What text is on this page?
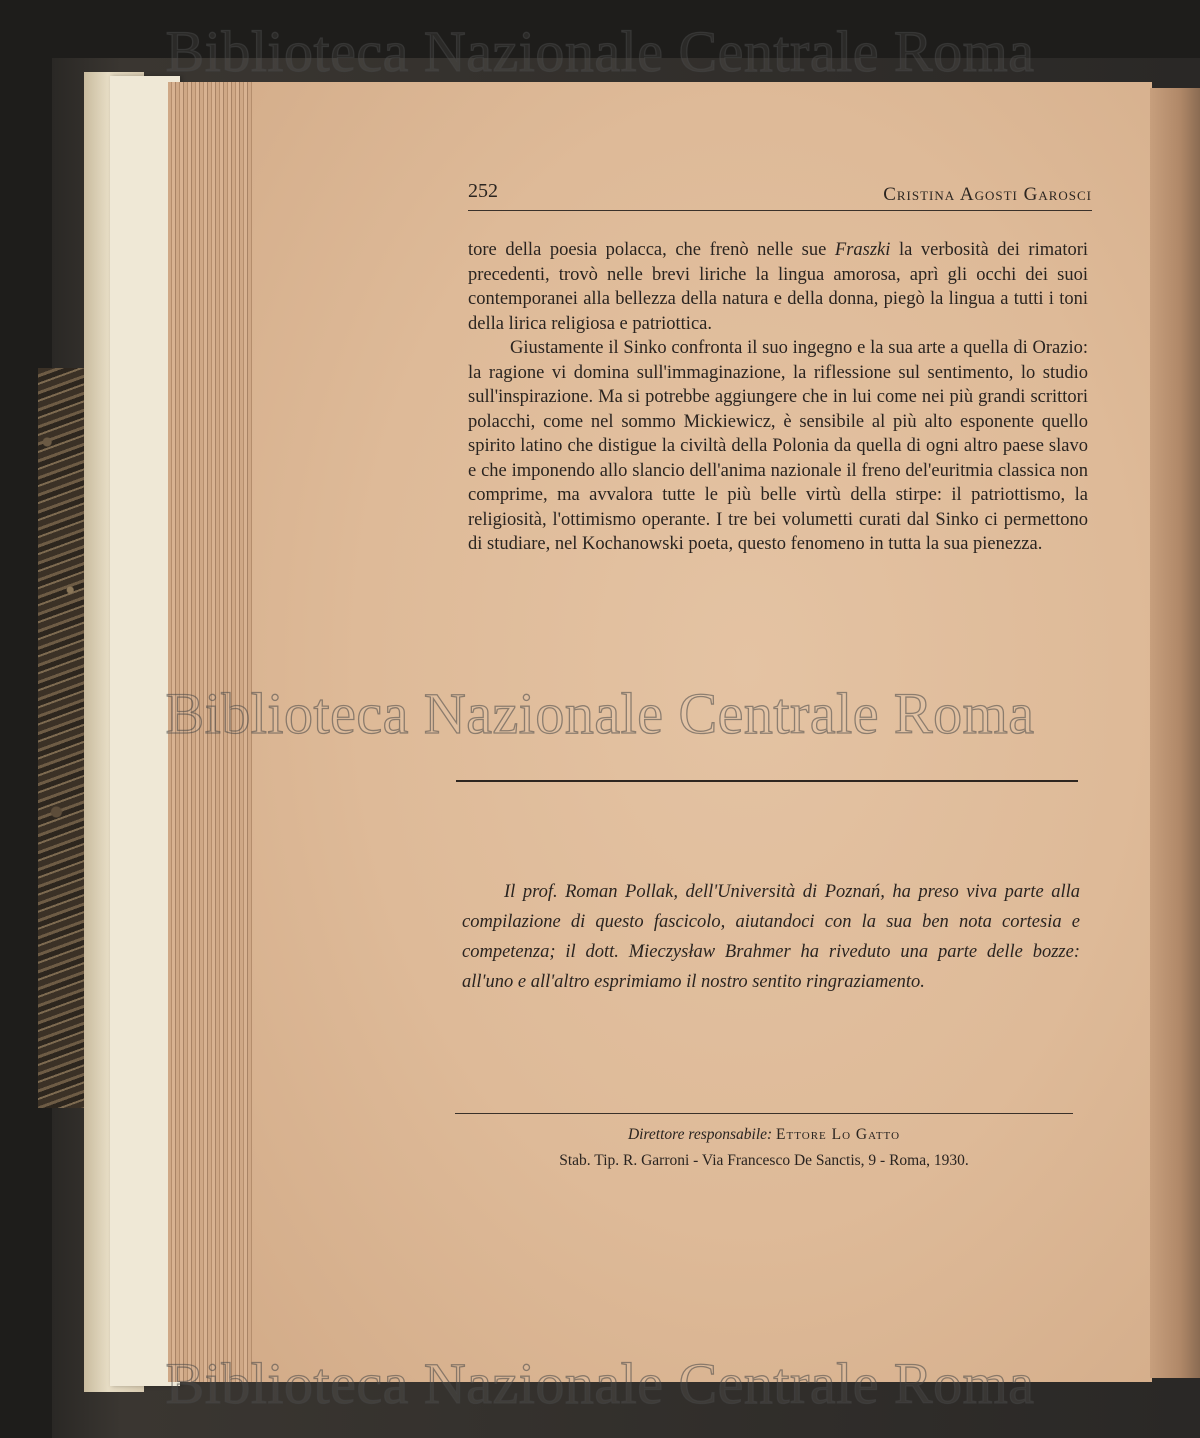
252	Cristina Agosti Garosci

tore della poesia polacca, che frenò nelle sue Fraszki la verbosità dei rimatori precedenti, trovò nelle brevi liriche la lingua amorosa, aprì gli occhi dei suoi contemporanei alla bellezza della natura e della donna, piegò la lingua a tutti i toni della lirica religiosa e patriottica.

Giustamente il Sinko confronta il suo ingegno e la sua arte a quella di Orazio: la ragione vi domina sull'immaginazione, la riflessione sul sentimento, lo studio sull'inspirazione. Ma si potrebbe aggiungere che in lui come nei più grandi scrittori polacchi, come nel sommo Mickiewicz, è sensibile al più alto esponente quello spirito latino che distigue la civiltà della Polonia da quella di ogni altro paese slavo e che imponendo allo slancio dell'anima nazionale il freno del'euritmia classica non comprime, ma avvalora tutte le più belle virtù della stirpe: il patriottismo, la religiosità, l'ottimismo operante. I tre bei volumetti curati dal Sinko ci permettono di studiare, nel Kochanowski poeta, questo fenomeno in tutta la sua pienezza.

Il prof. Roman Pollak, dell'Università di Poznań, ha preso viva parte alla compilazione di questo fascicolo, aiutandoci con la sua ben nota cortesia e competenza; il dott. Mieczysław Brahmer ha riveduto una parte delle bozze: all'uno e all'altro esprimiamo il nostro sentito ringraziamento.

Direttore responsabile: Ettore Lo Gatto
Stab. Tip. R. Garroni - Via Francesco De Sanctis, 9 - Roma, 1930.
Biblioteca Nazionale Centrale Roma
Biblioteca Nazionale Centrale Roma
Biblioteca Nazionale Centrale Roma
